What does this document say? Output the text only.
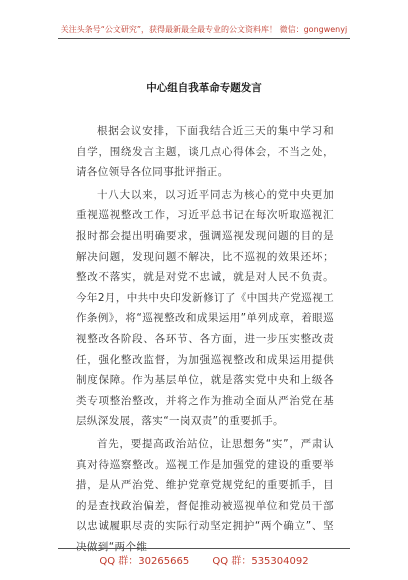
关注头条号“公文研究”，获得最新最全最专业的公文资料库！ 微信：gongwenyj
中心组自我革命专题发言

根据会议安排，下面我结合近三天的集中学习和自学，围绕发言主题，谈几点心得体会，不当之处，请各位领导各位同事批评指正。

十八大以来，以习近平同志为核心的党中央更加重视巡视整改工作，习近平总书记在每次听取巡视汇报时都会提出明确要求，强调巡视发现问题的目的是解决问题，发现问题不解决，比不巡视的效果还坏；整改不落实，就是对党不忠诚，就是对人民不负责。今年2月，中共中央印发新修订了《中国共产党巡视工作条例》，将“巡视整改和成果运用”单列成章，着眼巡视整改各阶段、各环节、各方面，进一步压实整改责任，强化整改监督，为加强巡视整改和成果运用提供制度保障。作为基层单位，就是落实党中央和上级各类专项整治整改，并将之作为推动全面从严治党在基层纵深发展，落实“一岗双责”的重要抓手。

首先，要提高政治站位，让思想务“实”，严肃认真对待巡察整改。巡视工作是加强党的建设的重要举措，是从严治党、维护党章党规党纪的重要抓手，目的是查找政治偏差，督促推动被巡视单位和党员干部以忠诚履职尽责的实际行动坚定拥护“两个确立”、坚决做到“两个维

QQ 群：30265665 QQ 群：535304092
